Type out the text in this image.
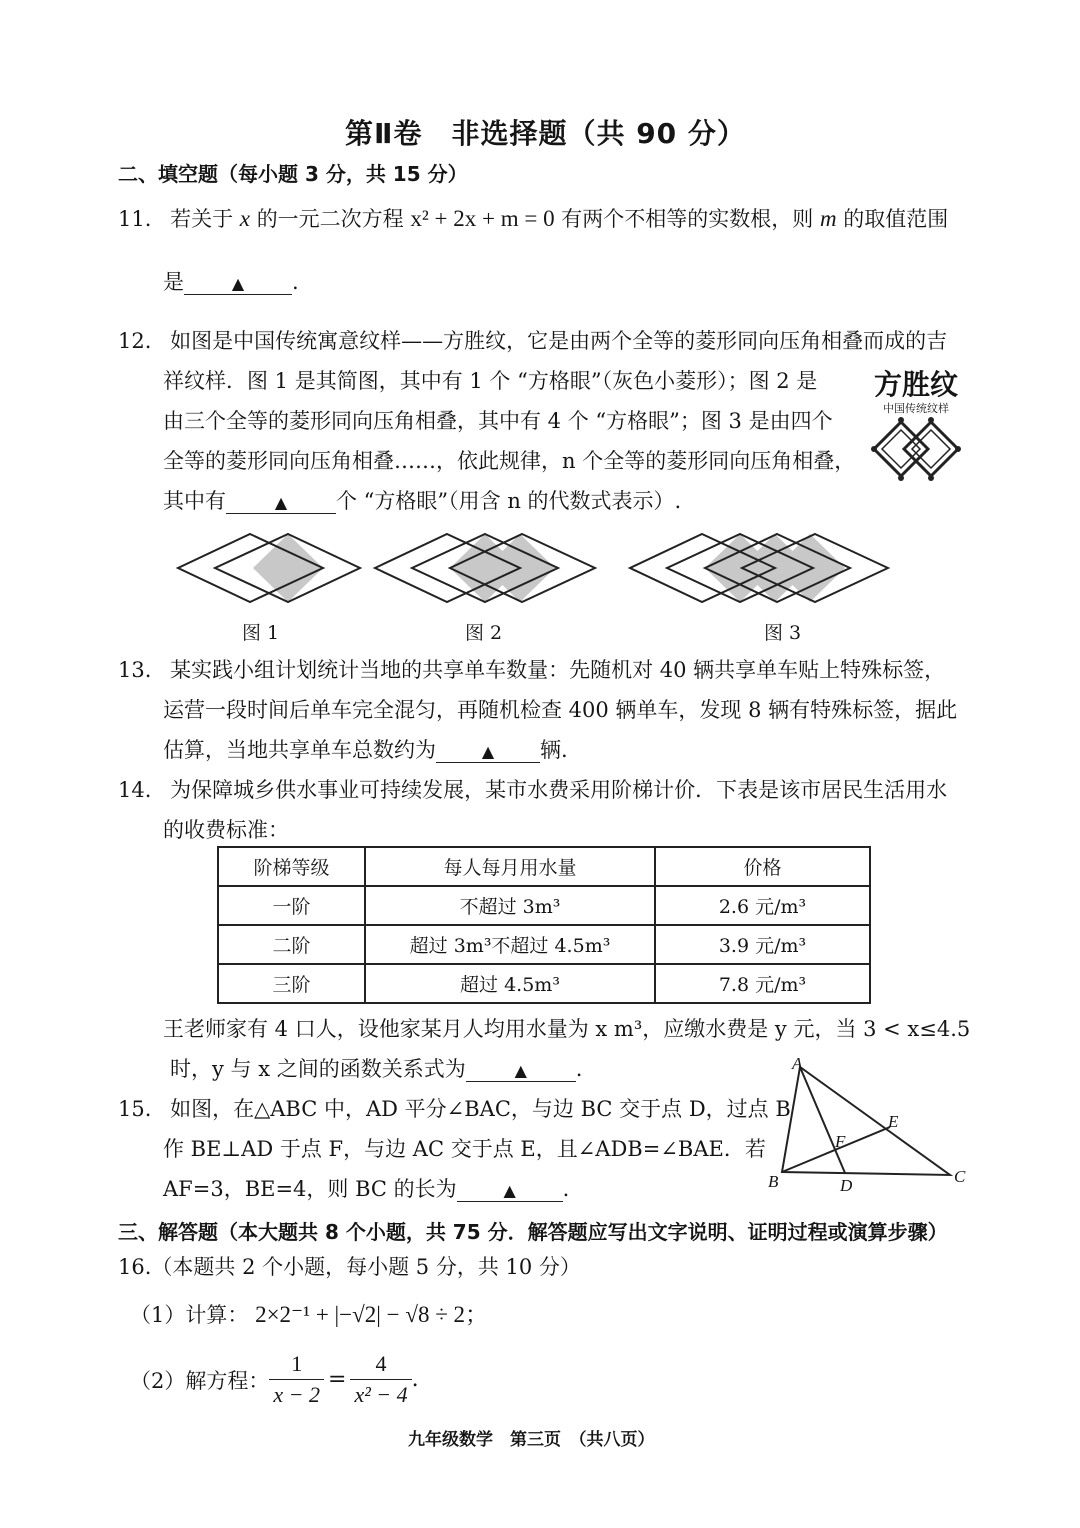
第Ⅱ卷　非选择题（共 90 分）
二、填空题（每小题 3 分，共 15 分）
11. 若关于 x 的一元二次方程 x² + 2x + m = 0 有两个不相等的实数根，则 m 的取值范围
是	▲ .
12. 如图是中国传统寓意纹样——方胜纹，它是由两个全等的菱形同向压角相叠而成的吉
祥纹样．图 1 是其简图，其中有 1 个 “方格眼”（灰色小菱形）；图 2 是
由三个全等的菱形同向压角相叠，其中有 4 个 “方格眼”；图 3 是由四个
全等的菱形同向压角相叠……，依此规律，n 个全等的菱形同向压角相叠，
其中有	▲ 个 “方格眼”（用含 n 的代数式表示）.
方胜纹
中国传统纹样
图 1	图 2	图 3
13. 某实践小组计划统计当地的共享单车数量：先随机对 40 辆共享单车贴上特殊标签，
运营一段时间后单车完全混匀，再随机检查 400 辆单车，发现 8 辆有特殊标签，据此
估算，当地共享单车总数约为	▲ 辆.
14. 为保障城乡供水事业可持续发展，某市水费采用阶梯计价．下表是该市居民生活用水
的收费标准：
阶梯等级	每人每月用水量	价格
一阶	不超过 3m³	2.6 元/m³
二阶	超过 3m³不超过 4.5m³	3.9 元/m³
三阶	超过 4.5m³	7.8 元/m³
王老师家有 4 口人，设他家某月人均用水量为 x m³，应缴水费是 y 元，当 3 < x≤4.5
时，y 与 x 之间的函数关系式为	▲ .
15. 如图，在△ABC 中，AD 平分∠BAC，与边 BC 交于点 D，过点 B
作 BE⊥AD 于点 F，与边 AC 交于点 E，且∠ADB=∠BAE．若
AF=3，BE=4，则 BC 的长为	▲ .
A
B	C
D
E
F
三、解答题（本大题共 8 个小题，共 75 分．解答题应写出文字说明、证明过程或演算步骤）
16.（本题共 2 个小题，每小题 5 分，共 10 分）
（1）计算： 2×2⁻¹ + |−√2| − √8 ÷ 2；
（2）解方程： $\frac{1}{x - 2} = \frac{4}{\text{x² − 4}}$ .
九年级数学　第三页　（共八页）
